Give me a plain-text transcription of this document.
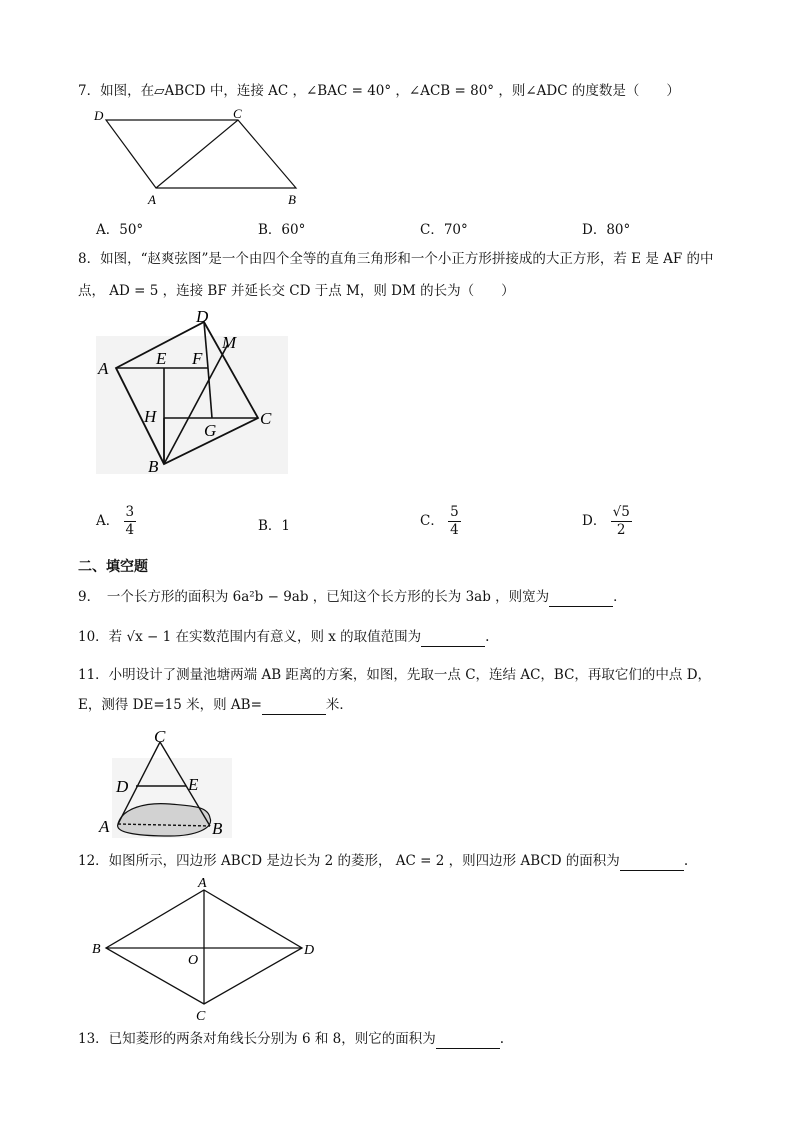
7．如图，在▱ABCD 中，连接 AC ，∠BAC = 40° ，∠ACB = 80° ，则∠ADC 的度数是（　　）
D	C
A	B
A．50°	B．60°	C．70°	D．80°
8．如图，“赵爽弦图”是一个由四个全等的直角三角形和一个小正方形拼接成的大正方形，若 E 是 AF 的中
点， AD = 5 ，连接 BF 并延长交 CD 于点 M，则 DM 的长为（　　）
D
M
A
E F
H
G
C
B
A． $\frac{3}{4}$	B．1	C． $\frac{5}{4}$	D． $\frac{√5}{2}$
二、填空题
9．　一个长方形的面积为 6a²b − 9ab ，已知这个长方形的长为 3ab ，则宽为	．
10．若 √x − 1 在实数范围内有意义，则 x 的取值范围为	.
11．小明设计了测量池塘两端 AB 距离的方案，如图，先取一点 C，连结 AC，BC，再取它们的中点 D，
E，测得 DE=15 米，则 AB=	米．
C
D	E
A	B
12．如图所示，四边形 ABCD 是边长为 2 的菱形， AC = 2 ，则四边形 ABCD 的面积为	.
A
B	D
C
O
13．已知菱形的两条对角线长分别为 6 和 8，则它的面积为	.
